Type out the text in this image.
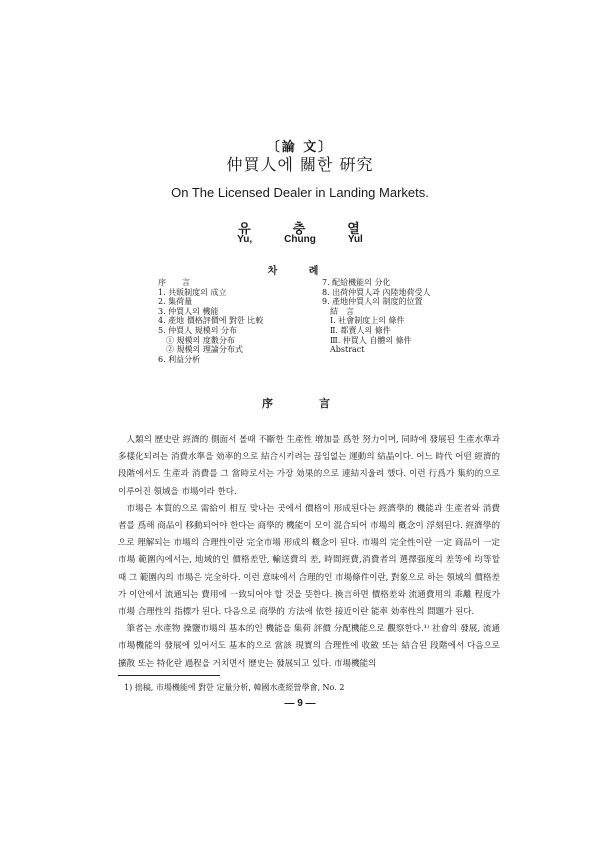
〔論 文〕
仲買人에 關한 硏究
On The Licensed Dealer in Landing Markets.
유	충	열
Yu,	Chung	Yul
차 례
序　　言
1. 共販制度의 成立
2. 集荷量
3. 仲買人의 機能
4. 產地 價格評價에 對한 比較
5. 仲買人 規模의 分布
　① 規模의 度數分布
　② 規模의 理論分布式
6. 利益分析
7. 配給機能의 分化
8. 出荷仲買人과 內陸地荷受人
9. 產地仲買人의 制度的位置
　結　言
　Ⅰ. 社會制度上의 條件
　Ⅱ. 都賣人의 條件
　Ⅲ. 仲買人 自體의 條件
　Abstract
序　　言

人類의 歷史란 經濟的 側面서 볼때 不斷한 生產性 增加를 爲한 努力이며, 同時에 發展된 生產水準과 多樣化되려는 消費水準을 効率的으로 結合시키려는 끊임없는 運動의 結晶이다. 어느 時代 어떤 經濟的 段階에서도 生產과 消費를 그 當時로서는 가장 効果的으로 連結지울려 했다. 이런 行爲가 集約的으로 이루어진 領域을 市場이라 한다.

市場은 本質的으로 需給이 相互 맞나는 곳에서 價格이 形成된다는 經濟學的 機能과 生產者와 消費者를 爲해 商品이 移動되어야 한다는 商學的 機能이 모이 混合되어 市場의 槪念이 浮刻된다. 經濟學的으로 理解되는 市場의 合理性이란 完全市場 形成의 槪念이 된다. 市場의 完全性이란 一定 商品이 一定 市場 範圍內에서는, 地域的인 價格差만, 輸送費의 差, 時間經費,消費者의 選擇强度의 差等에 均等할 때 그 範圍內의 市場은 完全하다. 이런 意味에서 合理的인 市場條件이란, 對象으로 하는 領域의 價格差가 이안에서 流通되는 費用에 一致되어야 할 것을 뜻한다. 換言하면 價格差와 流通費用의 乖離 程度가 市場 合理性의 指標가 된다. 다음으로 商學的 方法에 依한 接近이란 能率 効率性의 問題가 된다.

筆者는 水產物 操鹽市場의 基本的인 機能을 集荷 評價 分配機能으로 觀察한다.¹⁾ 社會의 發展, 流通 市場機能의 發展에 있어서도 基本的으로 當該 現實의 合理性에 收斂 또는 結合된 段階에서 다음으로 擴散 또는 特化란 過程을 거치면서 歷史는 發展되고 있다. 市場機能의

1) 拙稿, 市場機能에 對한 定量分析, 韓國水產經營學會, No. 2
— 9 —
